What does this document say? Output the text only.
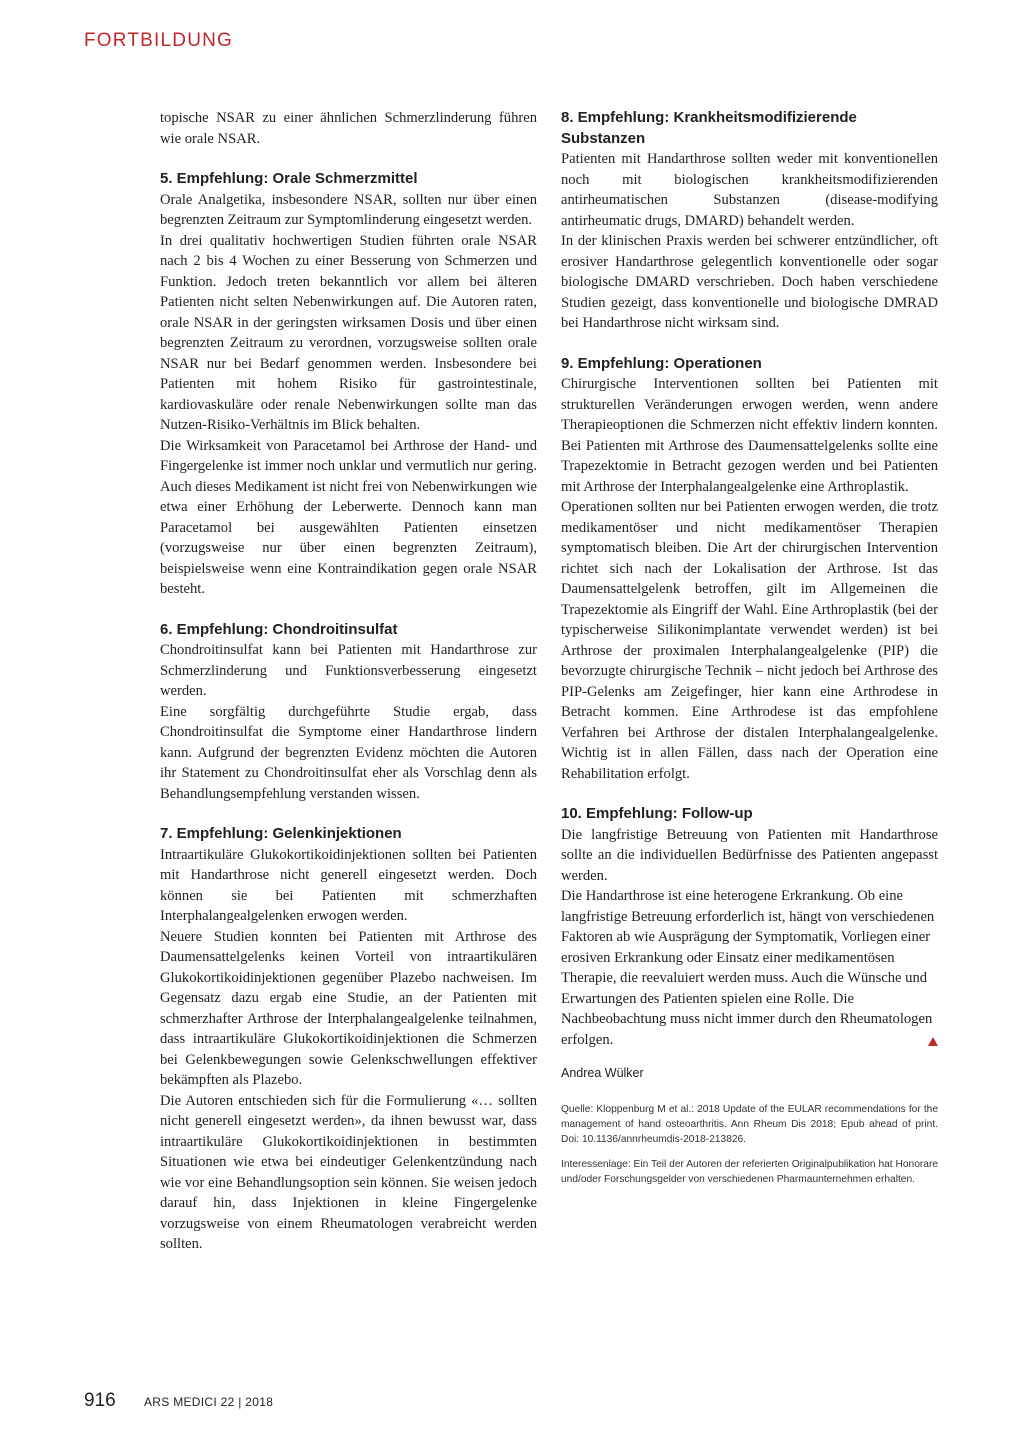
FORTBILDUNG

topische NSAR zu einer ähnlichen Schmerzlinderung führen wie orale NSAR.

5. Empfehlung: Orale Schmerzmittel

Orale Analgetika, insbesondere NSAR, sollten nur über einen begrenzten Zeitraum zur Symptomlinderung eingesetzt werden.

In drei qualitativ hochwertigen Studien führten orale NSAR nach 2 bis 4 Wochen zu einer Besserung von Schmerzen und Funktion. Jedoch treten bekanntlich vor allem bei älteren Patienten nicht selten Nebenwirkungen auf. Die Autoren raten, orale NSAR in der geringsten wirksamen Dosis und über einen begrenzten Zeitraum zu verordnen, vorzugsweise sollten orale NSAR nur bei Bedarf genommen werden. Insbesondere bei Patienten mit hohem Risiko für gastrointestinale, kardiovaskuläre oder renale Nebenwirkungen sollte man das Nutzen-Risiko-Verhältnis im Blick behalten.

Die Wirksamkeit von Paracetamol bei Arthrose der Hand- und Fingergelenke ist immer noch unklar und vermutlich nur gering. Auch dieses Medikament ist nicht frei von Nebenwirkungen wie etwa einer Erhöhung der Leberwerte. Dennoch kann man Paracetamol bei ausgewählten Patienten einsetzen (vorzugsweise nur über einen begrenzten Zeitraum), beispielsweise wenn eine Kontraindikation gegen orale NSAR besteht.

6. Empfehlung: Chondroitinsulfat

Chondroitinsulfat kann bei Patienten mit Handarthrose zur Schmerzlinderung und Funktionsverbesserung eingesetzt werden.

Eine sorgfältig durchgeführte Studie ergab, dass Chondroitinsulfat die Symptome einer Handarthrose lindern kann. Aufgrund der begrenzten Evidenz möchten die Autoren ihr Statement zu Chondroitinsulfat eher als Vorschlag denn als Behandlungsempfehlung verstanden wissen.

7. Empfehlung: Gelenkinjektionen

Intraartikuläre Glukokortikoidinjektionen sollten bei Patienten mit Handarthrose nicht generell eingesetzt werden. Doch können sie bei Patienten mit schmerzhaften Interphalangealgelenken erwogen werden.

Neuere Studien konnten bei Patienten mit Arthrose des Daumensattelgelenks keinen Vorteil von intraartikulären Glukokortikoidinjektionen gegenüber Plazebo nachweisen. Im Gegensatz dazu ergab eine Studie, an der Patienten mit schmerzhafter Arthrose der Interphalangealgelenke teilnahmen, dass intraartikuläre Glukokortikoidinjektionen die Schmerzen bei Gelenkbewegungen sowie Gelenkschwellungen effektiver bekämpften als Plazebo.

Die Autoren entschieden sich für die Formulierung «… sollten nicht generell eingesetzt werden», da ihnen bewusst war, dass intraartikuläre Glukokortikoidinjektionen in bestimmten Situationen wie etwa bei eindeutiger Gelenkentzündung nach wie vor eine Behandlungsoption sein können. Sie weisen jedoch darauf hin, dass Injektionen in kleine Fingergelenke vorzugsweise von einem Rheumatologen verabreicht werden sollten.

8. Empfehlung: Krankheitsmodifizierende Substanzen

Patienten mit Handarthrose sollten weder mit konventionellen noch mit biologischen krankheitsmodifizierenden antirheumatischen Substanzen (disease-modifying antirheumatic drugs, DMARD) behandelt werden.

In der klinischen Praxis werden bei schwerer entzündlicher, oft erosiver Handarthrose gelegentlich konventionelle oder sogar biologische DMARD verschrieben. Doch haben verschiedene Studien gezeigt, dass konventionelle und biologische DMRAD bei Handarthrose nicht wirksam sind.

9. Empfehlung: Operationen

Chirurgische Interventionen sollten bei Patienten mit strukturellen Veränderungen erwogen werden, wenn andere Therapieoptionen die Schmerzen nicht effektiv lindern konnten. Bei Patienten mit Arthrose des Daumensattelgelenks sollte eine Trapezektomie in Betracht gezogen werden und bei Patienten mit Arthrose der Interphalangealgelenke eine Arthroplastik.

Operationen sollten nur bei Patienten erwogen werden, die trotz medikamentöser und nicht medikamentöser Therapien symptomatisch bleiben. Die Art der chirurgischen Intervention richtet sich nach der Lokalisation der Arthrose. Ist das Daumensattelgelenk betroffen, gilt im Allgemeinen die Trapezektomie als Eingriff der Wahl. Eine Arthroplastik (bei der typischerweise Silikonimplantate verwendet werden) ist bei Arthrose der proximalen Interphalangealgelenke (PIP) die bevorzugte chirurgische Technik – nicht jedoch bei Arthrose des PIP-Gelenks am Zeigefinger, hier kann eine Arthrodese in Betracht kommen. Eine Arthrodese ist das empfohlene Verfahren bei Arthrose der distalen Interphalangealgelenke. Wichtig ist in allen Fällen, dass nach der Operation eine Rehabilitation erfolgt.

10. Empfehlung: Follow-up

Die langfristige Betreuung von Patienten mit Handarthrose sollte an die individuellen Bedürfnisse des Patienten angepasst werden.

Die Handarthrose ist eine heterogene Erkrankung. Ob eine langfristige Betreuung erforderlich ist, hängt von verschiedenen Faktoren ab wie Ausprägung der Symptomatik, Vorliegen einer erosiven Erkrankung oder Einsatz einer medikamentösen Therapie, die reevaluiert werden muss. Auch die Wünsche und Erwartungen des Patienten spielen eine Rolle. Die Nachbeobachtung muss nicht immer durch den Rheumatologen erfolgen.

Andrea Wülker

Quelle: Kloppenburg M et al.: 2018 Update of the EULAR recommendations for the management of hand osteoarthritis. Ann Rheum Dis 2018; Epub ahead of print. Doi: 10.1136/annrheumdis-2018-213826.

Interessenlage: Ein Teil der Autoren der referierten Originalpublikation hat Honorare und/oder Forschungsgelder von verschiedenen Pharmaunternehmen erhalten.

916	ARS MEDICI 22 | 2018
